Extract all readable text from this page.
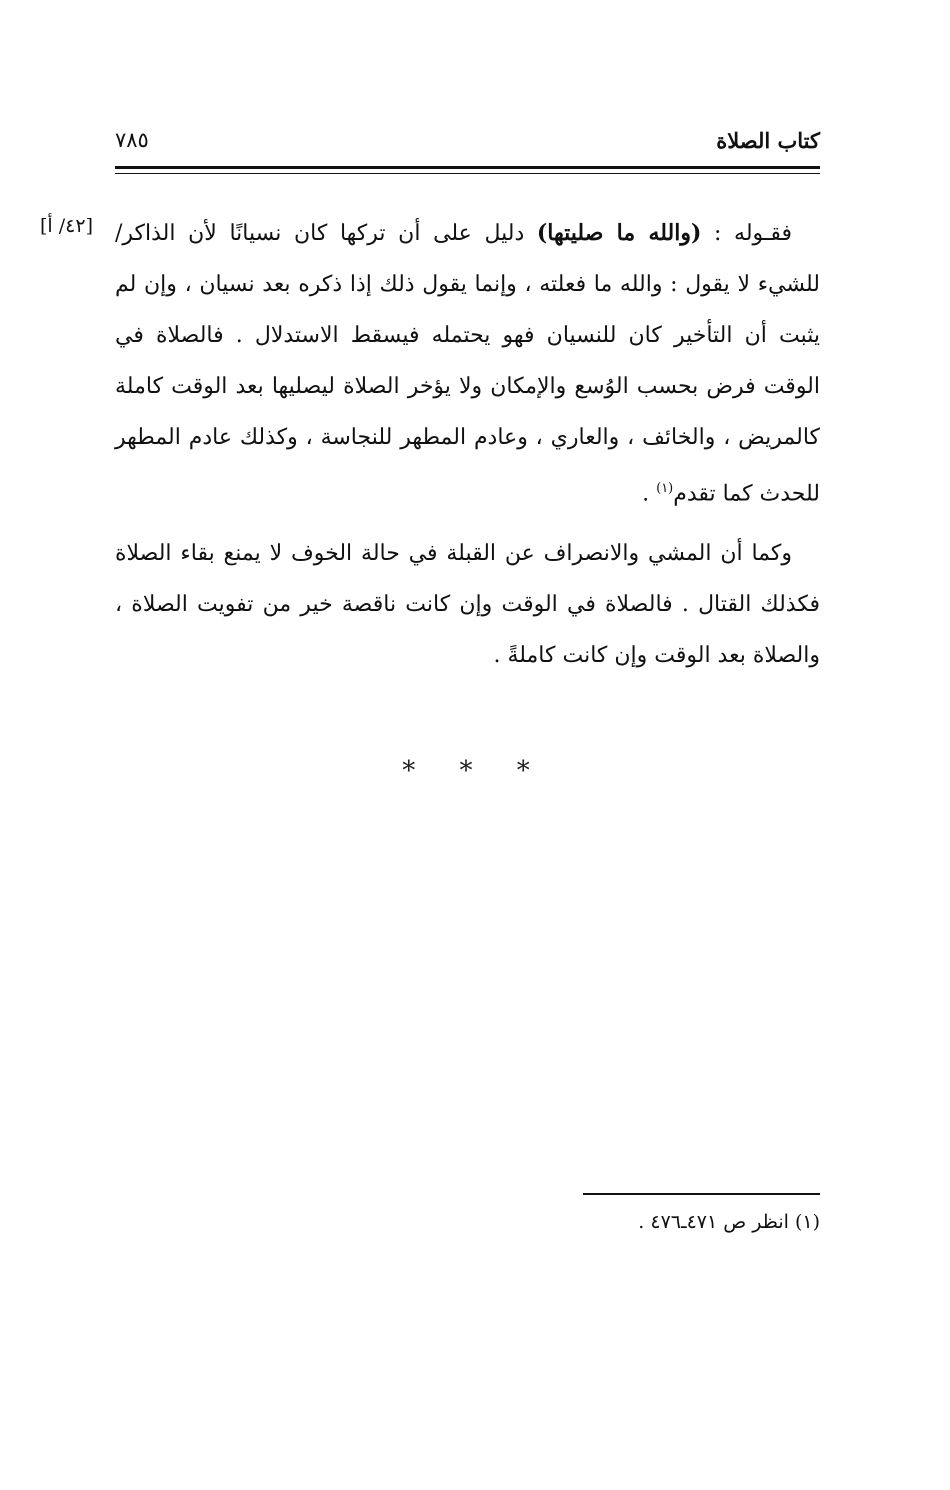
كتاب الصلاة
٧٨٥
[٤٢/ أ]	فقـوله : (والله ما صليتها) دليل على أن تركها كان نسيانًا لأن الذاكر/ للشيء لا يقول : والله ما فعلته ، وإنما يقول ذلك إذا ذكره بعد نسيان ، وإن لم يثبت أن التأخير كان للنسيان فهو يحتمله فيسقط الاستدلال . فالصلاة في الوقت فرض بحسب الوُسع والإمكان ولا يؤخر الصلاة ليصليها بعد الوقت كاملة كالمريض ، والخائف ، والعاري ، وعادم المطهر للنجاسة ، وكذلك عادم المطهر للحدث كما تقدم$^{(١)}$ .

وكما أن المشي والانصراف عن القبلة في حالة الخوف لا يمنع بقاء الصلاة فكذلك القتال . فالصلاة في الوقت وإن كانت ناقصة خير من تفويت الصلاة ، والصلاة بعد الوقت وإن كانت كاملةً .

* * *
(١) انظر ص ٤٧١ـ٤٧٦ .
